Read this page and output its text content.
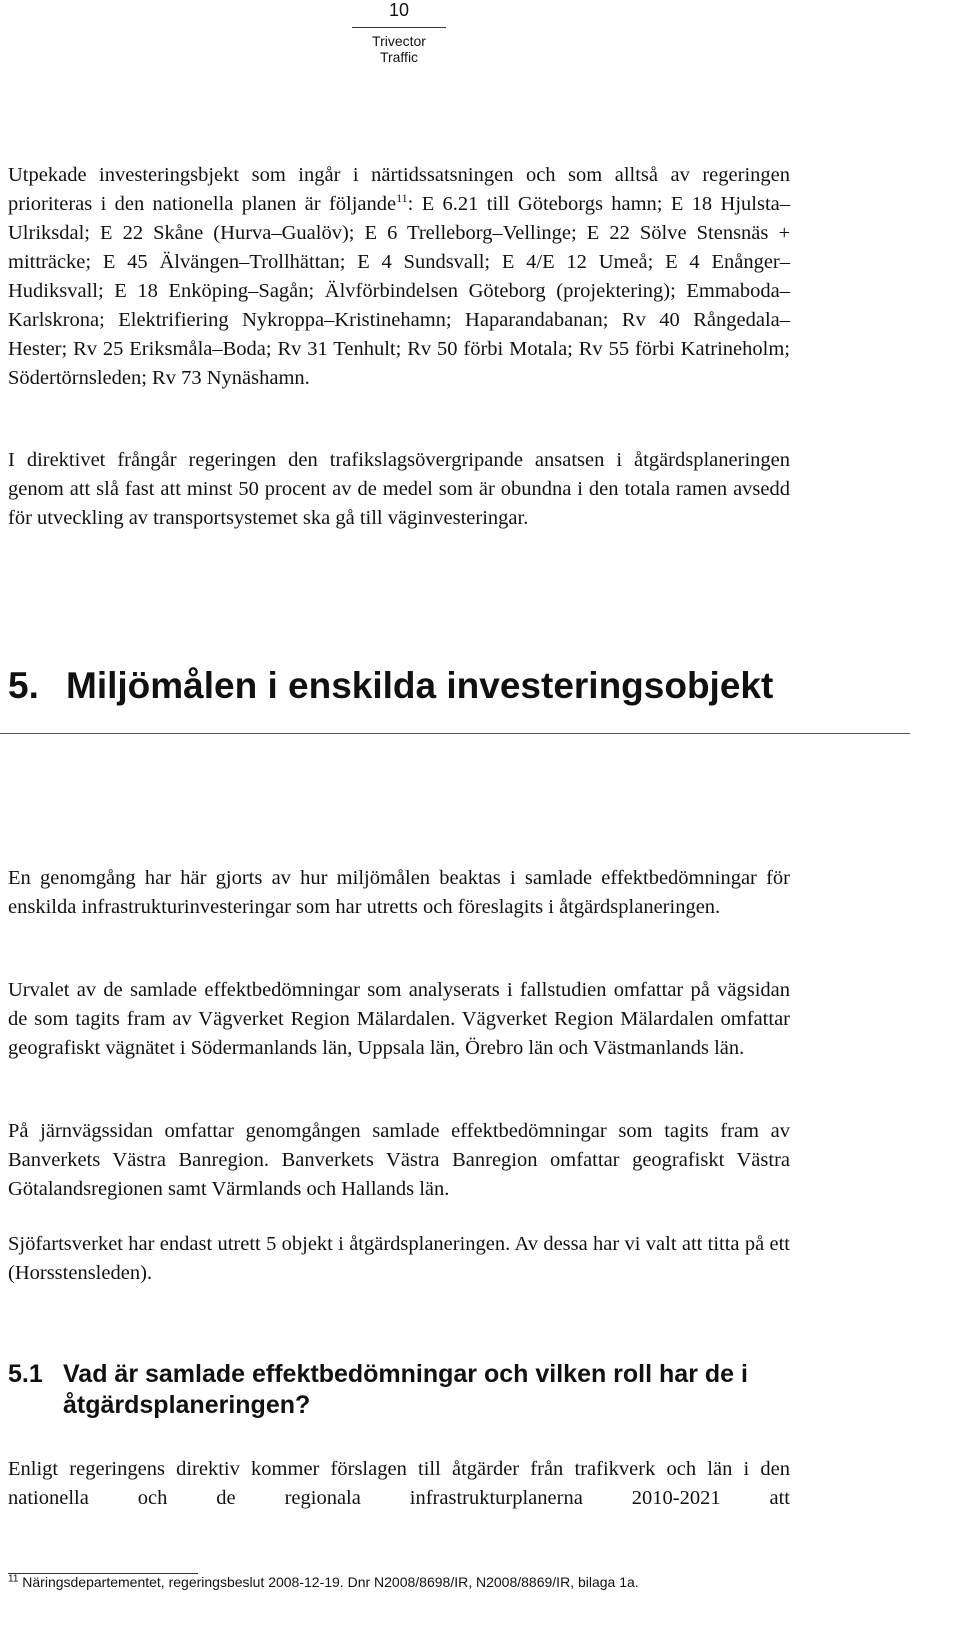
10
Trivector Traffic

Utpekade investeringsbjekt som ingår i närtidssatsningen och som alltså av regeringen prioriteras i den nationella planen är följande$^{11}$: E 6.21 till Göteborgs hamn; E 18 Hjulsta–Ulriksdal; E 22 Skåne (Hurva–Gualöv); E 6 Trelleborg–Vellinge; E 22 Sölve Stensnäs + mitträcke; E 45 Älvängen–Trollhättan; E 4 Sundsvall; E 4/E 12 Umeå; E 4 Enånger–Hudiksvall; E 18 Enköping–Sagån; Älvförbindelsen Göteborg (projektering); Emmaboda–Karlskrona; Elektrifiering Nykroppa–Kristinehamn; Haparandabanan; Rv 40 Rångedala–Hester; Rv 25 Eriksmåla–Boda; Rv 31 Tenhult; Rv 50 förbi Motala; Rv 55 förbi Katrineholm; Södertörnsleden; Rv 73 Nynäshamn.

I direktivet frångår regeringen den trafikslagsövergripande ansatsen i åtgärdsplaneringen genom att slå fast att minst 50 procent av de medel som är obundna i den totala ramen avsedd för utveckling av transportsystemet ska gå till väginvesteringar.

5. Miljömålen i enskilda investeringsobjekt

En genomgång har här gjorts av hur miljömålen beaktas i samlade effektbedömningar för enskilda infrastrukturinvesteringar som har utretts och föreslagits i åtgärdsplaneringen.

Urvalet av de samlade effektbedömningar som analyserats i fallstudien omfattar på vägsidan de som tagits fram av Vägverket Region Mälardalen. Vägverket Region Mälardalen omfattar geografiskt vägnätet i Södermanlands län, Uppsala län, Örebro län och Västmanlands län.

På järnvägssidan omfattar genomgången samlade effektbedömningar som tagits fram av Banverkets Västra Banregion. Banverkets Västra Banregion omfattar geografiskt Västra Götalandsregionen samt Värmlands och Hallands län.

Sjöfartsverket har endast utrett 5 objekt i åtgärdsplaneringen. Av dessa har vi valt att titta på ett (Horsstensleden).

5.1 Vad är samlade effektbedömningar och vilken roll har de i åtgärdsplaneringen?

Enligt regeringens direktiv kommer förslagen till åtgärder från trafikverk och län i den nationella och de regionala infrastrukturplanerna 2010-2021 att

$^{11}$ Näringsdepartementet, regeringsbeslut 2008-12-19. Dnr N2008/8698/IR, N2008/8869/IR, bilaga 1a.
